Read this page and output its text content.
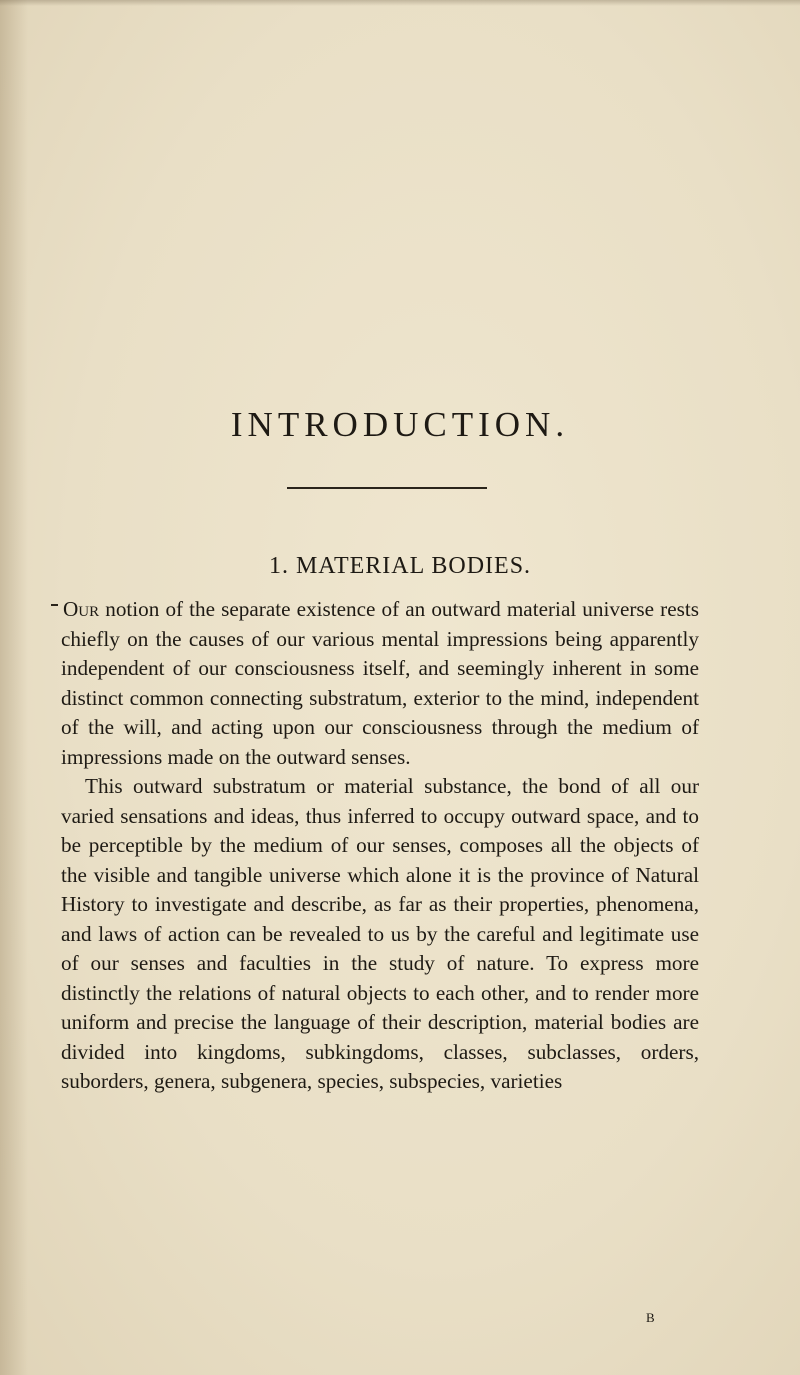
INTRODUCTION.
1. MATERIAL BODIES.

Our notion of the separate existence of an outward material universe rests chiefly on the causes of our various mental impressions being apparently independent of our consciousness itself, and seemingly inherent in some distinct common connecting substratum, exterior to the mind, independent of the will, and acting upon our consciousness through the medium of impressions made on the outward senses.

This outward substratum or material substance, the bond of all our varied sensations and ideas, thus inferred to occupy outward space, and to be perceptible by the medium of our senses, composes all the objects of the visible and tangible universe which alone it is the province of Natural History to investigate and describe, as far as their properties, phenomena, and laws of action can be revealed to us by the careful and legitimate use of our senses and faculties in the study of nature. To express more distinctly the relations of natural objects to each other, and to render more uniform and precise the language of their description, material bodies are divided into kingdoms, subkingdoms, classes, subclasses, orders, suborders, genera, subgenera, species, subspecies, varieties

B
